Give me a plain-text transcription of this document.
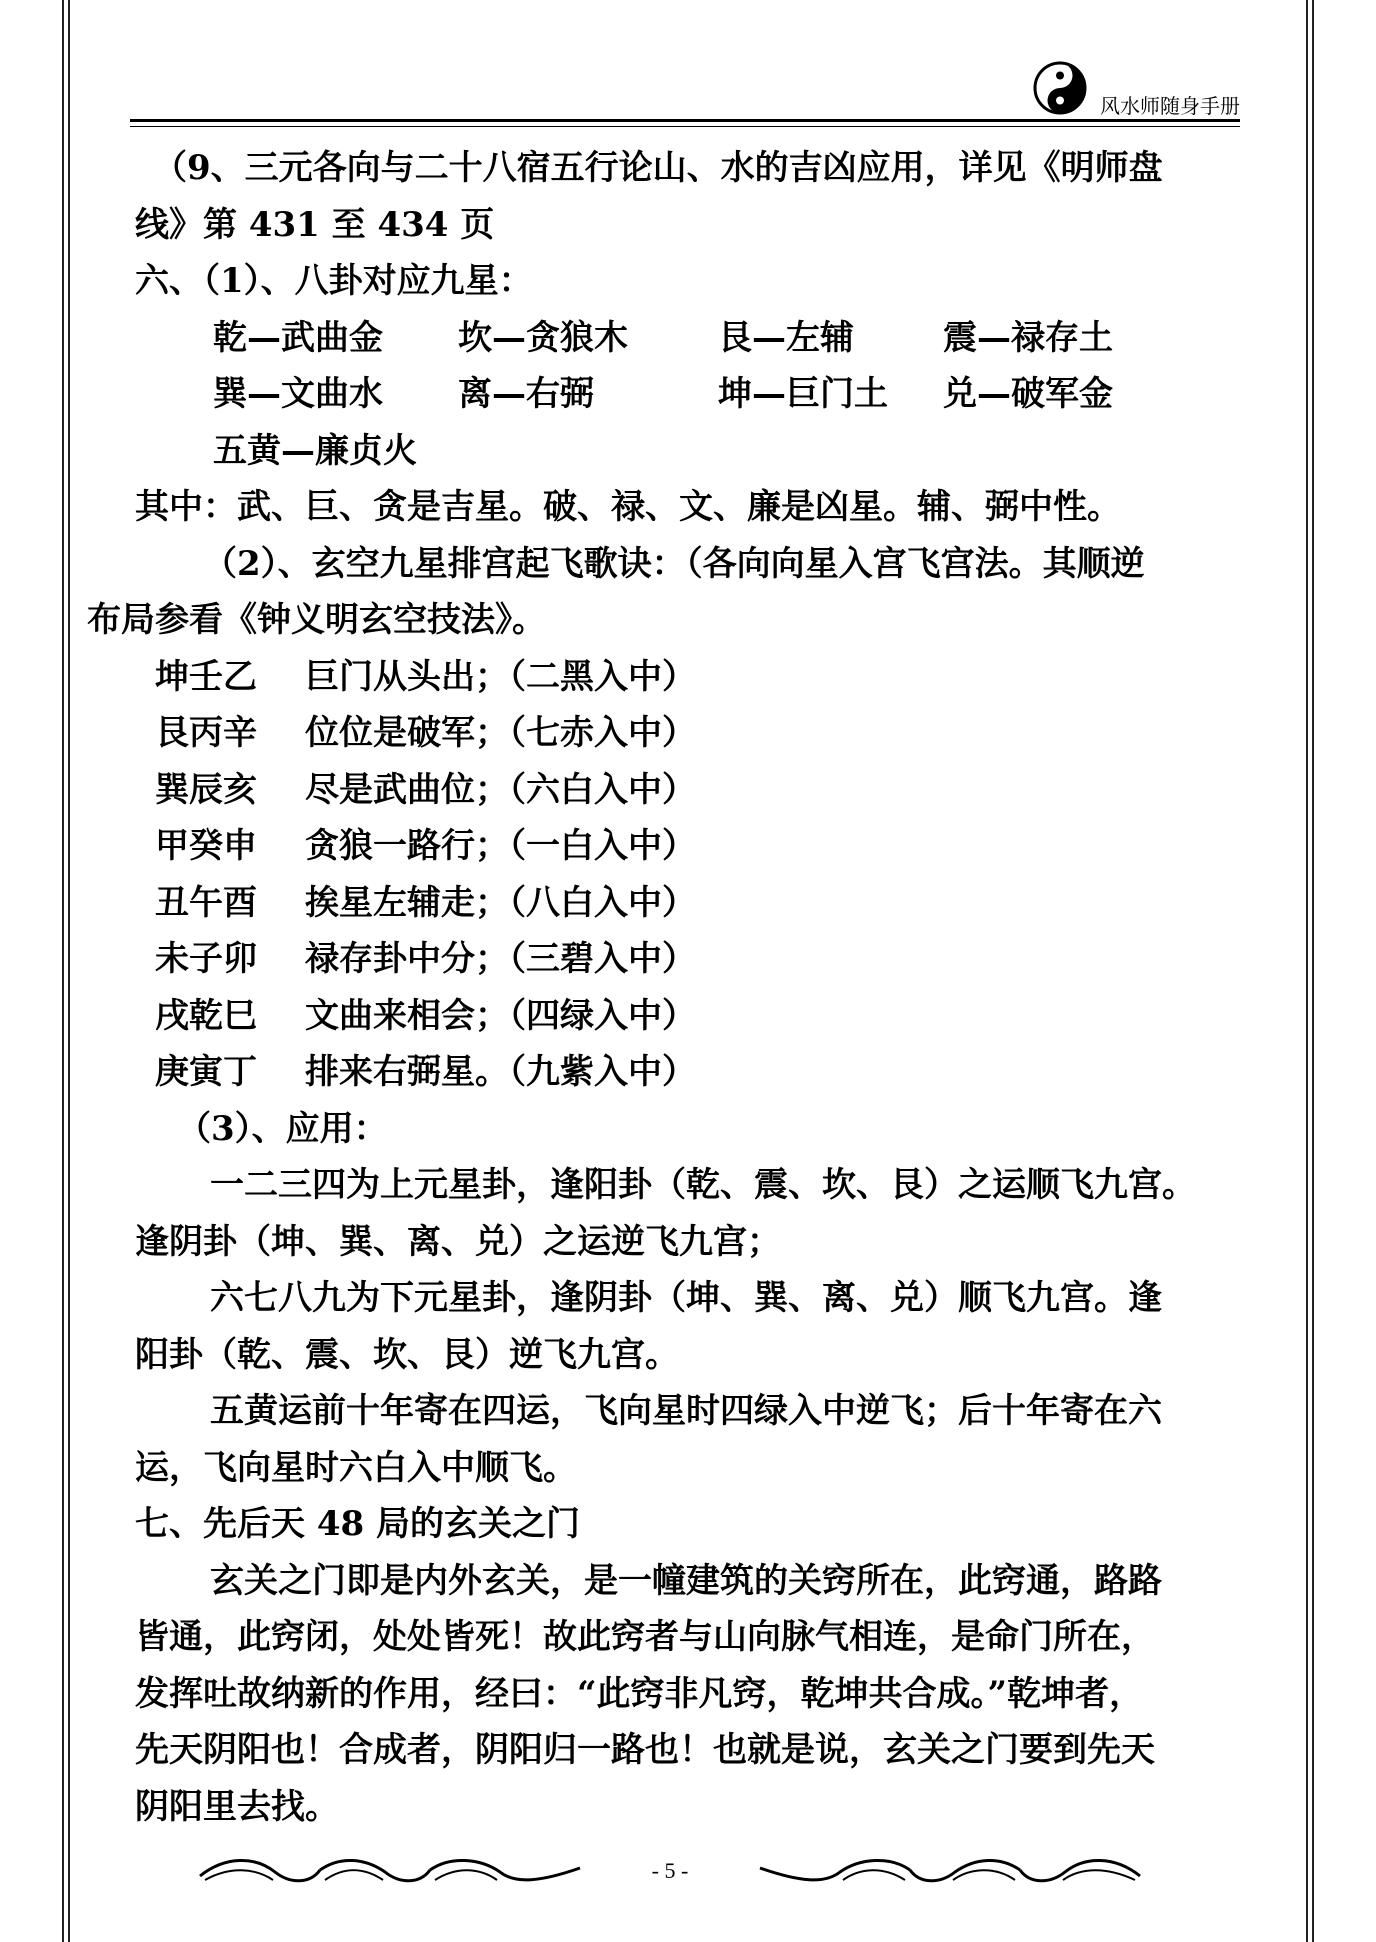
风水师随身手册

（9、三元各向与二十八宿五行论山、水的吉凶应用，详见《明师盘

线》第 431 至 434 页

六、（1）、八卦对应九星：

乾—武曲金	坎—贪狼木	艮—左辅	震—禄存土
巽—文曲水	离—右弼	坤—巨门土	兑—破军金
五黄—廉贞火

其中：武、巨、贪是吉星。破、禄、文、廉是凶星。辅、弼中性。

（2）、玄空九星排宫起飞歌诀：（各向向星入宫飞宫法。其顺逆

布局参看《钟义明玄空技法》。

坤壬乙	巨门从头出；（二黑入中）
艮丙辛	位位是破军；（七赤入中）
巽辰亥	尽是武曲位；（六白入中）
甲癸申	贪狼一路行；（一白入中）
丑午酉	挨星左辅走；（八白入中）
未子卯	禄存卦中分；（三碧入中）
戌乾巳	文曲来相会；（四绿入中）
庚寅丁	排来右弼星。（九紫入中）

（3）、应用：

一二三四为上元星卦，逢阳卦（乾、震、坎、艮）之运顺飞九宫。

逢阴卦（坤、巽、离、兑）之运逆飞九宫；

六七八九为下元星卦，逢阴卦（坤、巽、离、兑）顺飞九宫。逢

阳卦（乾、震、坎、艮）逆飞九宫。

五黄运前十年寄在四运，飞向星时四绿入中逆飞；后十年寄在六

运，飞向星时六白入中顺飞。

七、先后天 48 局的玄关之门

玄关之门即是内外玄关，是一幢建筑的关窍所在，此窍通，路路

皆通，此窍闭，处处皆死！故此窍者与山向脉气相连，是命门所在，

发挥吐故纳新的作用，经曰：“此窍非凡窍，乾坤共合成。”乾坤者，

先天阴阳也！合成者，阴阳归一路也！也就是说，玄关之门要到先天

阴阳里去找。

- 5 -
